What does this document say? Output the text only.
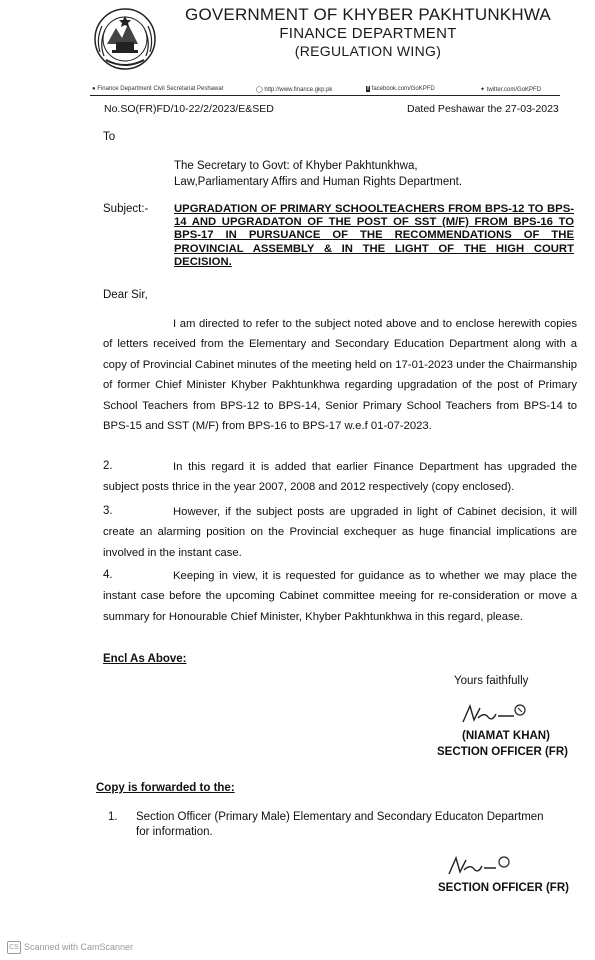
GOVERNMENT OF KHYBER PAKHTUNKHWA
FINANCE DEPARTMENT
(REGULATION WING)
● Finance Department Civil Secretariat Peshawar	◯ http://www.finance.gkp.pk	f facebook.com/GoKPFD	✦ twitter.com/GoKPFD
No.SO(FR)FD/10-22/2/2023/E&SED	Dated Peshawar the 27-03-2023
To
The Secretary to Govt: of Khyber Pakhtunkhwa,
Law,Parliamentary Affirs and Human Rights Department.
Subject:- UPGRADATION OF PRIMARY SCHOOLTEACHERS FROM BPS-12 TO BPS-14 AND UPGRADATON OF THE POST OF SST (M/F) FROM BPS-16 TO BPS-17 IN PURSUANCE OF THE RECOMMENDATIONS OF THE PROVINCIAL ASSEMBLY & IN THE LIGHT OF THE HIGH COURT DECISION.
Dear Sir,
I am directed to refer to the subject noted above and to enclose herewith copies of letters received from the Elementary and Secondary Education Department along with a copy of Provincial Cabinet minutes of the meeting held on 17-01-2023 under the Chairmanship of former Chief Minister Khyber Pakhtunkhwa regarding upgradation of the post of Primary School Teachers from BPS-12 to BPS-14, Senior Primary School Teachers from BPS-14 to BPS-15 and SST (M/F) from BPS-16 to BPS-17 w.e.f 01-07-2023.
2.	In this regard it is added that earlier Finance Department has upgraded the subject posts thrice in the year 2007, 2008 and 2012 respectively (copy enclosed).
3.	However, if the subject posts are upgraded in light of Cabinet decision, it will create an alarming position on the Provincial exchequer as huge financial implications are involved in the instant case.
4.	Keeping in view, it is requested for guidance as to whether we may place the instant case before the upcoming Cabinet committee meeing for re-consideration or move a summary for Honourable Chief Minister, Khyber Pakhtunkhwa in this regard, please.
Encl As Above:
Yours faithfully
(NIAMAT KHAN)
SECTION OFFICER (FR)
Copy is forwarded to the:
1. Section Officer (Primary Male) Elementary and Secondary Educaton Departmen
for information.
SECTION OFFICER (FR)
CS Scanned with CamScanner
